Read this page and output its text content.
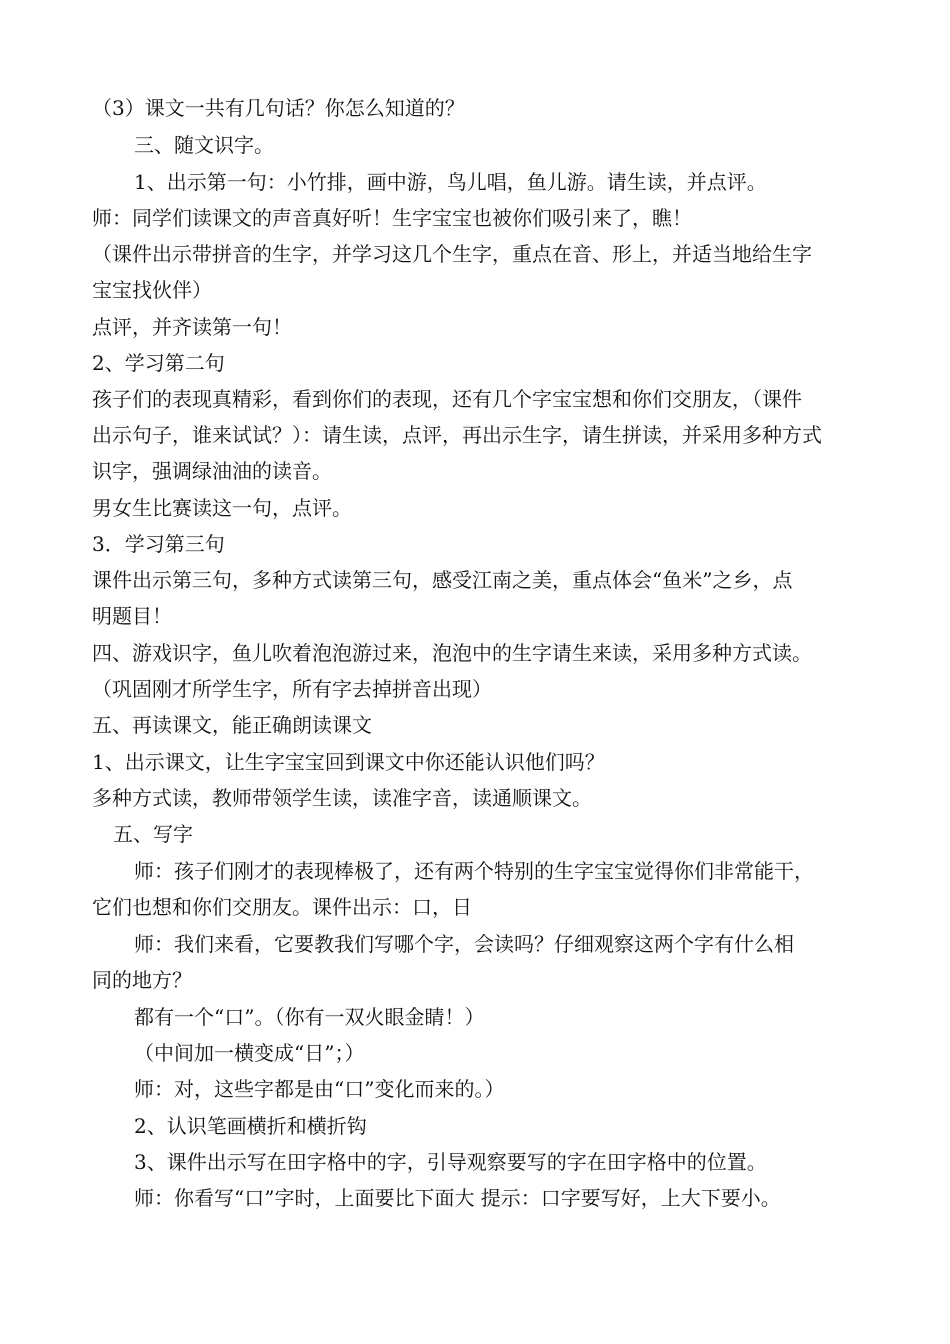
（3）课文一共有几句话？你怎么知道的？
三、随文识字。
1、出示第一句：小竹排，画中游，鸟儿唱，鱼儿游。请生读，并点评。
师：同学们读课文的声音真好听！生字宝宝也被你们吸引来了，瞧！
（课件出示带拼音的生字，并学习这几个生字，重点在音、形上，并适当地给生字
宝宝找伙伴）
点评，并齐读第一句！
2、学习第二句
孩子们的表现真精彩，看到你们的表现，还有几个字宝宝想和你们交朋友，（课件
出示句子，谁来试试？）：请生读，点评，再出示生字，请生拼读，并采用多种方式
识字，强调绿油油的读音。
男女生比赛读这一句，点评。
3．学习第三句
课件出示第三句，多种方式读第三句，感受江南之美，重点体会“鱼米”之乡，点
明题目！
四、游戏识字，鱼儿吹着泡泡游过来，泡泡中的生字请生来读，采用多种方式读。
（巩固刚才所学生字，所有字去掉拼音出现）
五、再读课文，能正确朗读课文
1、出示课文，让生字宝宝回到课文中你还能认识他们吗？
多种方式读，教师带领学生读，读准字音，读通顺课文。
五、写字
师：孩子们刚才的表现棒极了，还有两个特别的生字宝宝觉得你们非常能干，
它们也想和你们交朋友。课件出示：口，日
师：我们来看，它要教我们写哪个字，会读吗？仔细观察这两个字有什么相
同的地方？
都有一个“口”。（你有一双火眼金睛！）
（中间加一横变成“日”；）
师：对，这些字都是由“口”变化而来的。）
2、认识笔画横折和横折钩
3、课件出示写在田字格中的字，引导观察要写的字在田字格中的位置。
师：你看写“口”字时，上面要比下面大 提示：口字要写好，上大下要小。
